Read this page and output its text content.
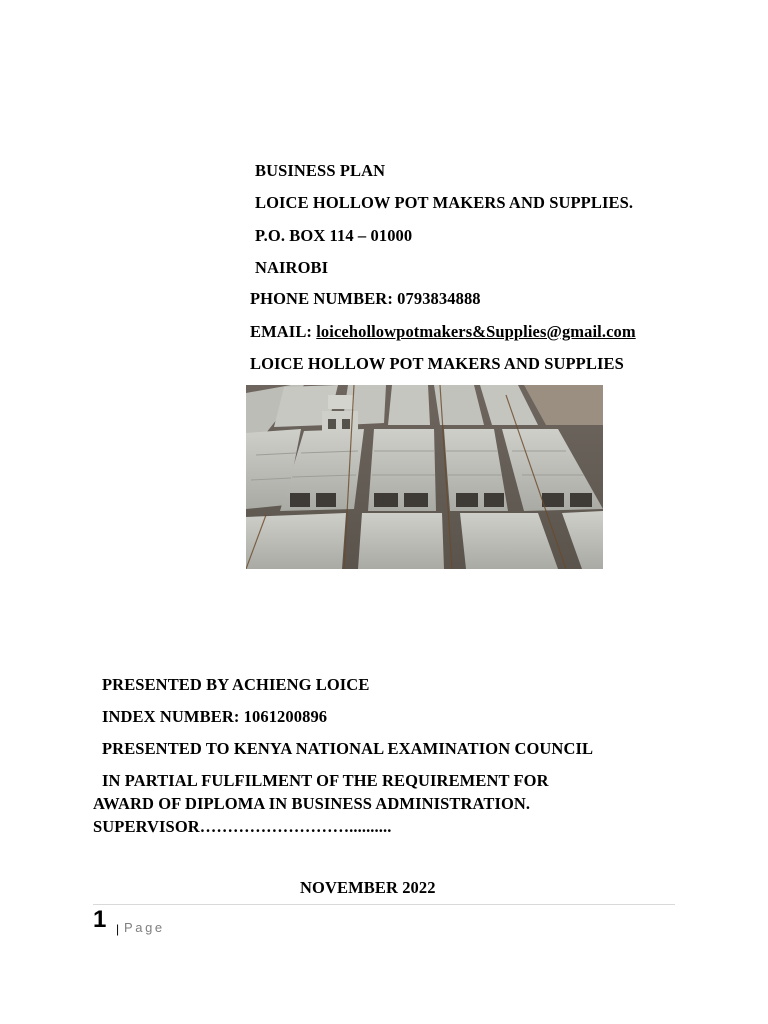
BUSINESS PLAN
LOICE HOLLOW POT MAKERS AND SUPPLIES.
P.O. BOX 114 – 01000
NAIROBI
PHONE NUMBER: 0793834888
EMAIL: loicehollowpotmakers&Supplies@gmail.com
LOICE HOLLOW POT MAKERS AND SUPPLIES
PRESENTED BY ACHIENG LOICE
INDEX NUMBER: 1061200896
PRESENTED TO KENYA NATIONAL EXAMINATION COUNCIL
IN PARTIAL FULFILMENT OF THE REQUIREMENT FOR
AWARD OF DIPLOMA IN BUSINESS ADMINISTRATION.
SUPERVISOR………………………..........
NOVEMBER 2022
1 | Page
